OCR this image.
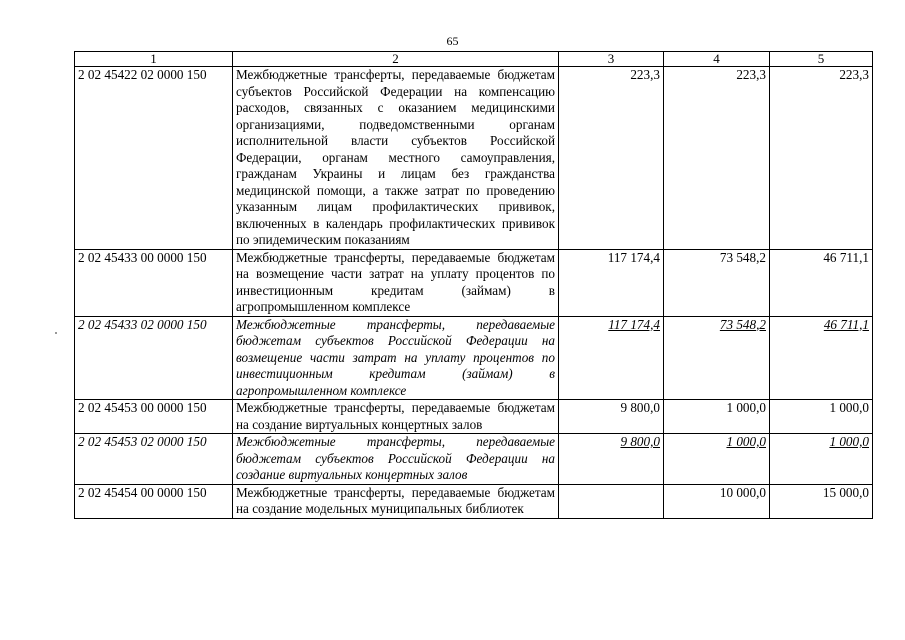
65
1	2	3	4	5
2 02 45422 02 0000 150	Межбюджетные трансферты, передаваемые бюджетам субъектов Российской Федерации на компенсацию расходов, связанных с оказанием медицинскими организациями, подведомственными органам исполнительной власти субъектов Российской Федерации, органам местного самоуправления, гражданам Украины и лицам без гражданства медицинской помощи, а также затрат по проведению указанным лицам профилактических прививок, включенных в календарь профилактических прививок по эпидемическим показаниям	223,3	223,3	223,3
2 02 45433 00 0000 150	Межбюджетные трансферты, передаваемые бюджетам на возмещение части затрат на уплату процентов по инвестиционным кредитам (займам) в агропромышленном комплексе	117 174,4	73 548,2	46 711,1
2 02 45433 02 0000 150	Межбюджетные трансферты, передаваемые бюджетам субъектов Российской Федерации на возмещение части затрат на уплату процентов по инвестиционным кредитам (займам) в агропромышленном комплексе	117 174,4	73 548,2	46 711,1
2 02 45453 00 0000 150	Межбюджетные трансферты, передаваемые бюджетам на создание виртуальных концертных залов	9 800,0	1 000,0	1 000,0
2 02 45453 02 0000 150	Межбюджетные трансферты, передаваемые бюджетам субъектов Российской Федерации на создание виртуальных концертных залов	9 800,0	1 000,0	1 000,0
2 02 45454 00 0000 150	Межбюджетные трансферты, передаваемые бюджетам на создание модельных муниципальных библиотек		10 000,0	15 000,0
